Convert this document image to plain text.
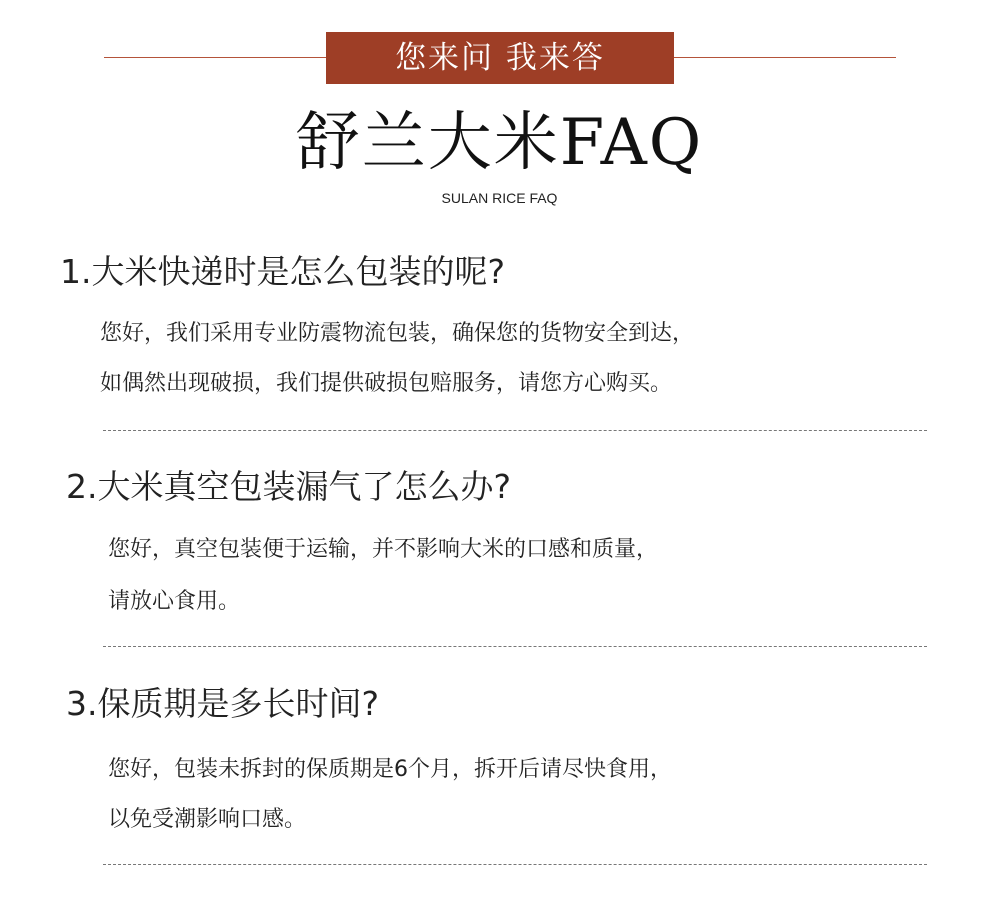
您来问 我来答
舒兰大米FAQ
SULAN RICE FAQ
1.大米快递时是怎么包装的呢?
您好，我们采用专业防震物流包装，确保您的货物安全到达，
如偶然出现破损，我们提供破损包赔服务，请您方心购买。
2.大米真空包装漏气了怎么办?
您好，真空包装便于运输，并不影响大米的口感和质量，
请放心食用。
3.保质期是多长时间?
您好，包装未拆封的保质期是6个月，拆开后请尽快食用，
以免受潮影响口感。
